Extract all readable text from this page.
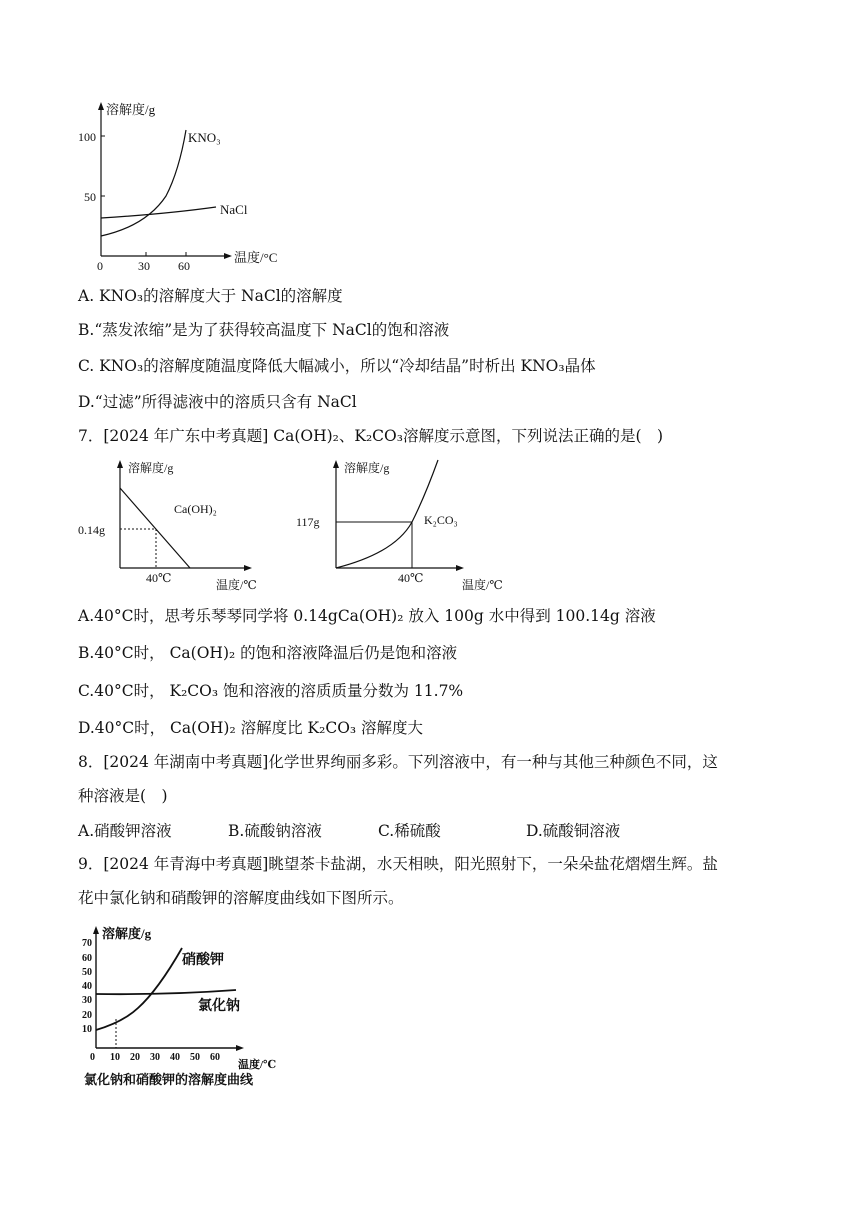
溶解度/g
温度/°C
100
50
0	30 60
KNO₃
NaCl
A. KNO₃的溶解度大于 NaCl的溶解度
B.“蒸发浓缩”是为了获得较高温度下 NaCl的饱和溶液
C. KNO₃的溶解度随温度降低大幅减小，所以“冷却结晶”时析出 KNO₃晶体
D.“过滤”所得滤液中的溶质只含有 NaCl
7．[2024 年广东中考真题] Ca(OH)₂、K₂CO₃溶解度示意图，下列说法正确的是(　)
溶解度/g
温度/℃
0.14g
40℃
Ca(OH)₂
溶解度/g
温度/℃
117g
40℃
K₂CO₃
A.40°C时，思考乐琴琴同学将 0.14gCa(OH)₂ 放入 100g 水中得到 100.14g 溶液
B.40°C时， Ca(OH)₂ 的饱和溶液降温后仍是饱和溶液
C.40°C时， K₂CO₃ 饱和溶液的溶质质量分数为 11.7%
D.40°C时， Ca(OH)₂ 溶解度比 K₂CO₃ 溶解度大
8．[2024 年湖南中考真题]化学世界绚丽多彩。下列溶液中，有一种与其他三种颜色不同，这
种溶液是(　)
A.硝酸钾溶液	B.硫酸钠溶液	C.稀硫酸	D.硫酸铜溶液
9．[2024 年青海中考真题]眺望茶卡盐湖，水天相映，阳光照射下，一朵朵盐花熠熠生辉。盐
花中氯化钠和硝酸钾的溶解度曲线如下图所示。
溶解度/g
温度/℃
70
60
50
40
30
20
10
0 10 20 30 40 50 60
硝酸钾
氯化钠
氯化钠和硝酸钾的溶解度曲线
